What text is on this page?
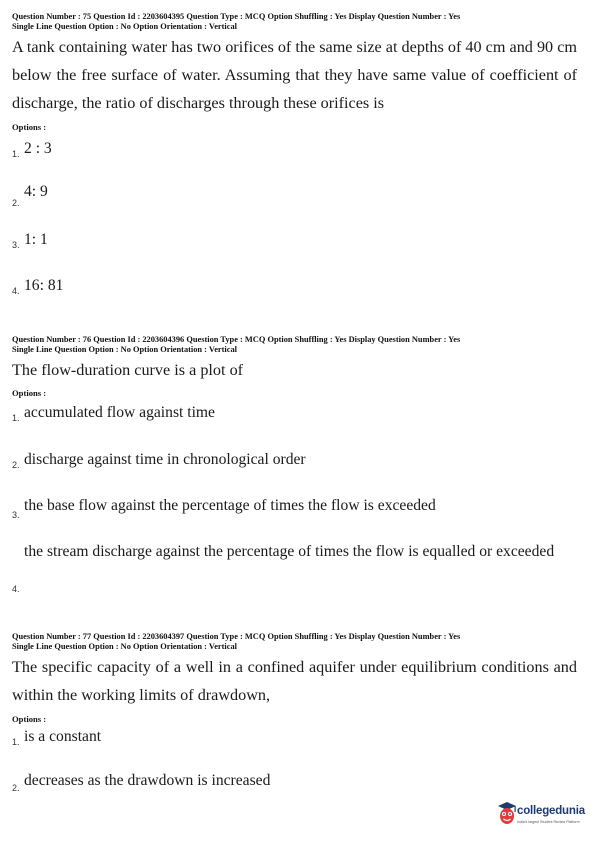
Question Number : 75 Question Id : 2203604395 Question Type : MCQ Option Shuffling : Yes Display Question Number : Yes
Single Line Question Option : No Option Orientation : Vertical
A tank containing water has two orifices of the same size at depths of 40 cm and 90 cm below the free surface of water. Assuming that they have same value of coefficient of discharge, the ratio of discharges through these orifices is
Options :
1. 2 : 3
2.
4: 9
3. 1: 1
4. 16: 81
Question Number : 76 Question Id : 2203604396 Question Type : MCQ Option Shuffling : Yes Display Question Number : Yes
Single Line Question Option : No Option Orientation : Vertical
The flow-duration curve is a plot of
Options :
1. accumulated flow against time
2. discharge against time in chronological order
3.
the base flow against the percentage of times the flow is exceeded
4.
the stream discharge against the percentage of times the flow is equalled or exceeded
Question Number : 77 Question Id : 2203604397 Question Type : MCQ Option Shuffling : Yes Display Question Number : Yes
Single Line Question Option : No Option Orientation : Vertical
The specific capacity of a well in a confined aquifer under equilibrium conditions and within the working limits of drawdown,
Options :
1. is a constant
2. decreases as the drawdown is increased
collegedunia
India's largest Student Review Platform
